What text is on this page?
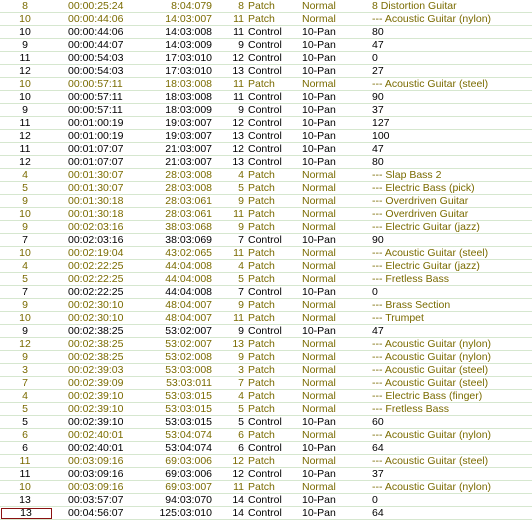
8	00:00:25:24	8:04:079	8 Patch	Normal	8 Distortion Guitar
10	00:00:44:06	14:03:007	11 Patch	Normal	--- Acoustic Guitar (nylon)
10	00:00:44:06	14:03:008	11 Control	10-Pan	80
9	00:00:44:07	14:03:009	9 Control	10-Pan	47
11	00:00:54:03	17:03:010	12 Control	10-Pan	0
12	00:00:54:03	17:03:010	13 Control	10-Pan	27
10	00:00:57:11	18:03:008	11 Patch	Normal	--- Acoustic Guitar (steel)
10	00:00:57:11	18:03:008	11 Control	10-Pan	90
9	00:00:57:11	18:03:009	9 Control	10-Pan	37
11	00:01:00:19	19:03:007	12 Control	10-Pan	127
12	00:01:00:19	19:03:007	13 Control	10-Pan	100
11	00:01:07:07	21:03:007	12 Control	10-Pan	47
12	00:01:07:07	21:03:007	13 Control	10-Pan	80
4	00:01:30:07	28:03:008	4 Patch	Normal	--- Slap Bass 2
5	00:01:30:07	28:03:008	5 Patch	Normal	--- Electric Bass (pick)
9	00:01:30:18	28:03:061	9 Patch	Normal	--- Overdriven Guitar
10	00:01:30:18	28:03:061	11 Patch	Normal	--- Overdriven Guitar
9	00:02:03:16	38:03:068	9 Patch	Normal	--- Electric Guitar (jazz)
7	00:02:03:16	38:03:069	7 Control	10-Pan	90
10	00:02:19:04	43:02:065	11 Patch	Normal	--- Acoustic Guitar (steel)
4	00:02:22:25	44:04:008	4 Patch	Normal	--- Electric Guitar (jazz)
5	00:02:22:25	44:04:008	5 Patch	Normal	--- Fretless Bass
7	00:02:22:25	44:04:008	7 Control	10-Pan	0
9	00:02:30:10	48:04:007	9 Patch	Normal	--- Brass Section
10	00:02:30:10	48:04:007	11 Patch	Normal	--- Trumpet
9	00:02:38:25	53:02:007	9 Control	10-Pan	47
12	00:02:38:25	53:02:007	13 Patch	Normal	--- Acoustic Guitar (nylon)
9	00:02:38:25	53:02:008	9 Patch	Normal	--- Acoustic Guitar (nylon)
3	00:02:39:03	53:03:008	3 Patch	Normal	--- Acoustic Guitar (steel)
7	00:02:39:09	53:03:011	7 Patch	Normal	--- Acoustic Guitar (steel)
4	00:02:39:10	53:03:015	4 Patch	Normal	--- Electric Bass (finger)
5	00:02:39:10	53:03:015	5 Patch	Normal	--- Fretless Bass
5	00:02:39:10	53:03:015	5 Control	10-Pan	60
6	00:02:40:01	53:04:074	6 Patch	Normal	--- Acoustic Guitar (nylon)
6	00:02:40:01	53:04:074	6 Control	10-Pan	64
11	00:03:09:16	69:03:006	12 Patch	Normal	--- Acoustic Guitar (steel)
11	00:03:09:16	69:03:006	12 Control	10-Pan	37
10	00:03:09:16	69:03:007	11 Patch	Normal	--- Acoustic Guitar (nylon)
13	00:03:57:07	94:03:070	14 Control	10-Pan	0
13	00:04:56:07	125:03:010	14 Control	10-Pan	64
